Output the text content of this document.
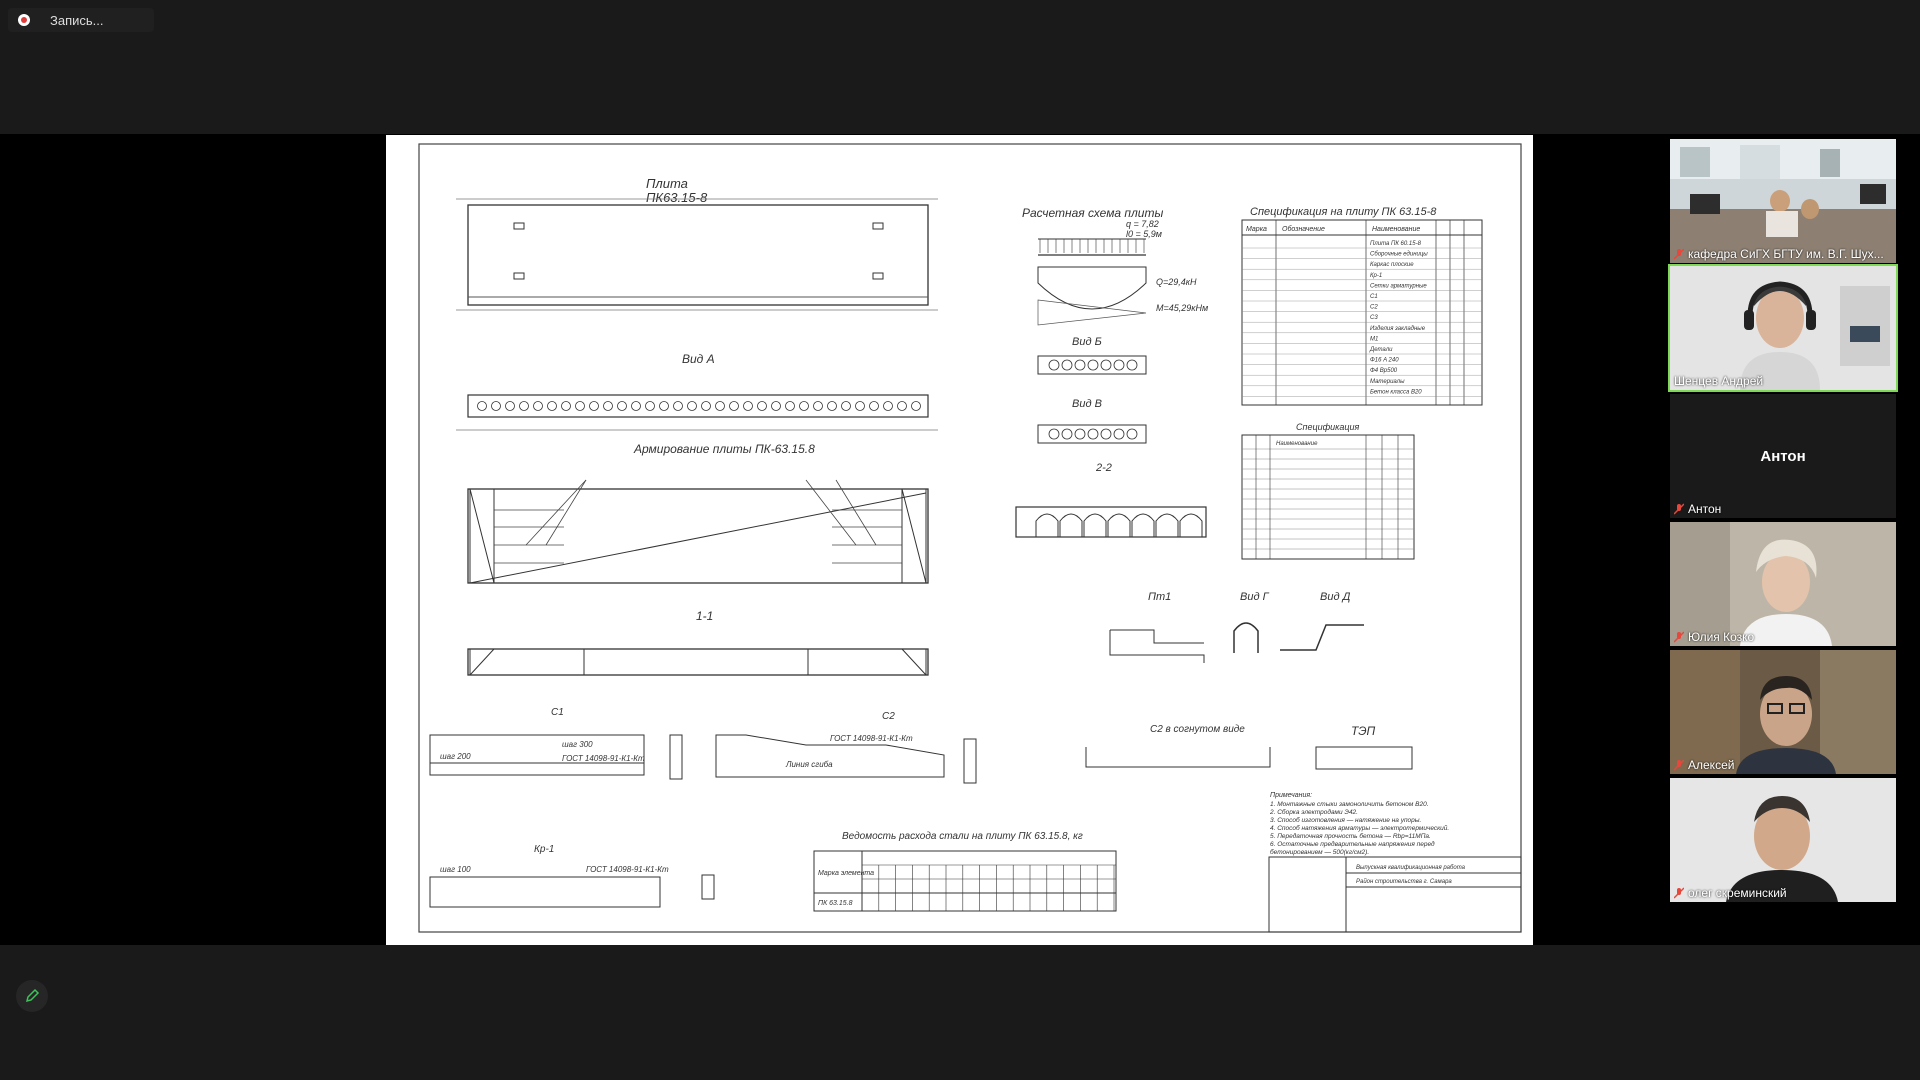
Запись...
Плита
ПК63.15-8
Вид А
Армирование плиты ПК-63.15.8
1-1
Расчетная схема плиты
q = 7,82
l0 = 5,9м
Q=29,4кН
M=45,29кНм
Вид Б
Вид В
2-2
Спецификация на плиту ПК 63.15-8
Марка Обозначение	Наименование
Плита ПК 60.15-8
Сборочные единицы
Каркас плоские
Кр-1
Сетки арматурные
C1
C2
C3
Изделия закладные
М1
Детали
Ф16 A 240
Ф4 Вр500
Материалы
Бетон класса В20
Спецификация
Наименование
Пт1	Вид Г	Вид Д
C1
шаг 200
шаг 300
ГОСТ 14098-91-К1-Кт
C2
ГОСТ 14098-91-К1-Кт
Линия сгиба
C2 в согнутом виде	ТЭП
Кр-1
шаг 100	ГОСТ 14098-91-К1-Кт
Ведомость расхода стали на плиту ПК 63.15.8, кг
Марка элемента
ПК 63.15.8
Примечания:
1. Монтажные стыки замоноличить бетоном В20.
2. Сборка электродами Э42.
3. Способ изготовления — натяжение на упоры.
4. Способ натяжения арматуры — электротермический.
5. Передаточная прочность бетона — Rbp=11МПа.
6. Остаточные предварительные напряжения перед
бетонированием — 500(кг/см2).
Выпускная квалификационная работа
Район строительства г. Самара
кафедра СиГХ БГТУ им. В.Г. Шух...
Шенцев Андрей
Антон
Антон
Юлия Козко
Алексей
олег скреминский
